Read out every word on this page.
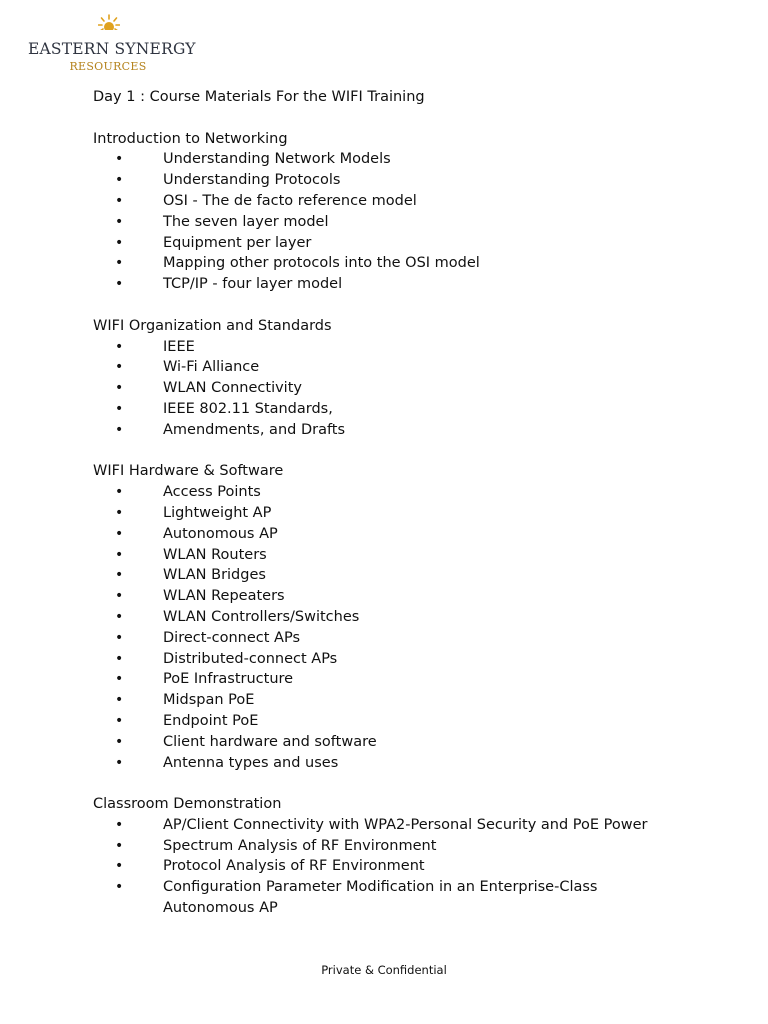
EASTERN SYNERGY
RESOURCES
Day 1 : Course Materials For the WIFI Training
Introduction to Networking
•	Understanding Network Models
•	Understanding Protocols
•	OSI - The de facto reference model
•	The seven layer model
•	Equipment per layer
•	Mapping other protocols into the OSI model
•	TCP/IP - four layer model
WIFI Organization and Standards
•	IEEE
•	Wi-Fi Alliance
•	WLAN Connectivity
•	IEEE 802.11 Standards,
•	Amendments, and Drafts
WIFI Hardware & Software
•	Access Points
•	Lightweight AP
•	Autonomous AP
•	WLAN Routers
•	WLAN Bridges
•	WLAN Repeaters
•	WLAN Controllers/Switches
•	Direct-connect APs
•	Distributed-connect APs
•	PoE Infrastructure
•	Midspan PoE
•	Endpoint PoE
•	Client hardware and software
•	Antenna types and uses
Classroom Demonstration
•	AP/Client Connectivity with WPA2-Personal Security and PoE Power
•	Spectrum Analysis of RF Environment
•	Protocol Analysis of RF Environment
•	Configuration Parameter Modification in an Enterprise-Class Autonomous AP
Private & Confidential
